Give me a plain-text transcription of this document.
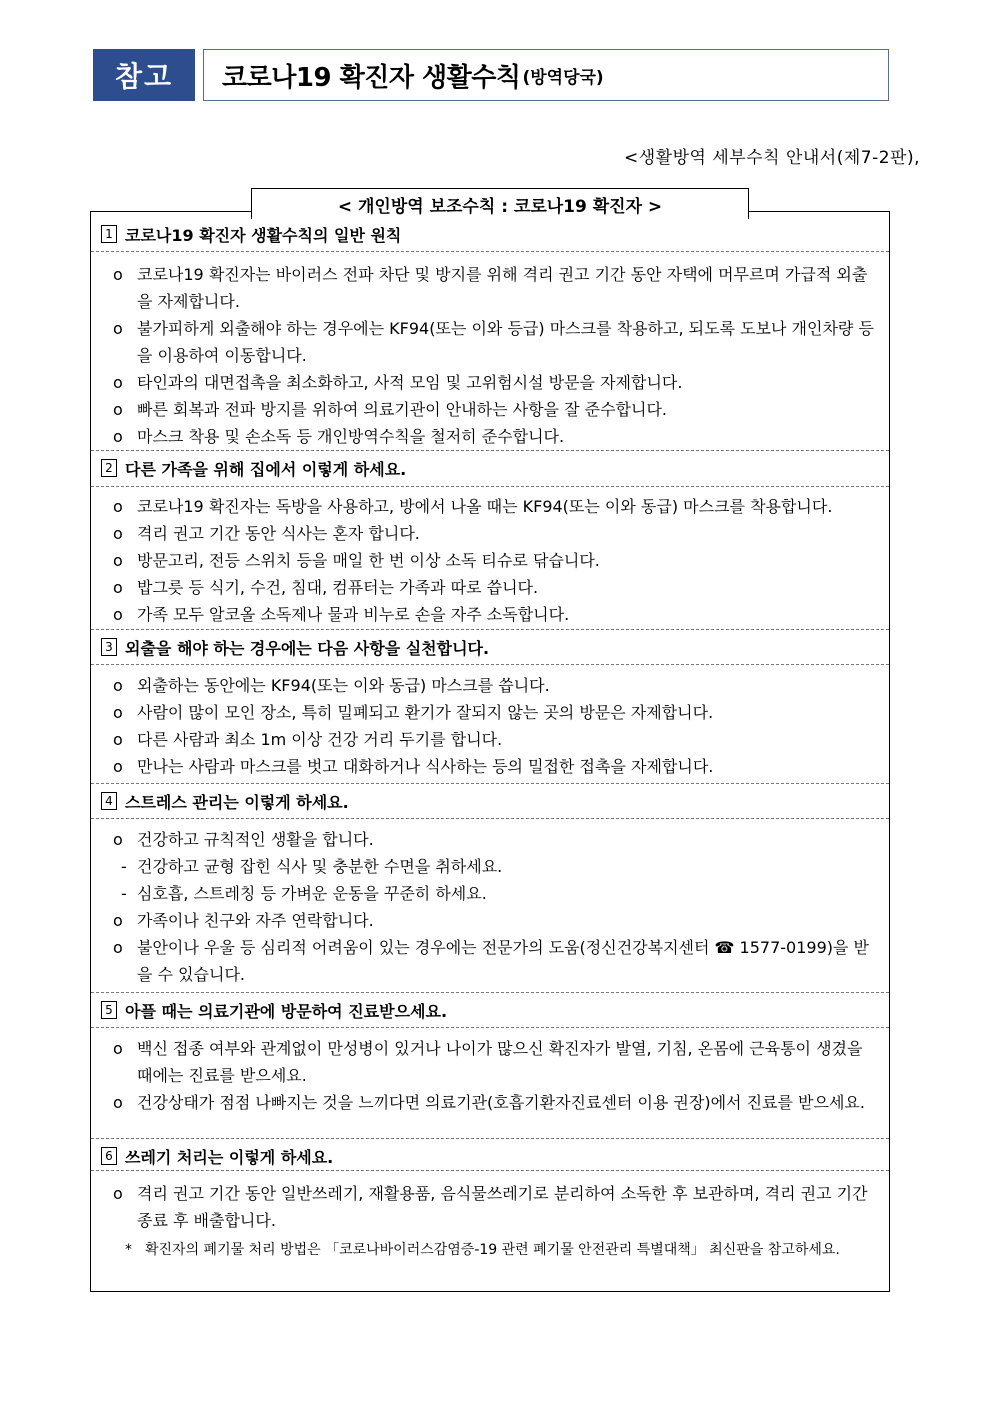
참고	코로나19 확진자 생활수칙 (방역당국)
<생활방역 세부수칙 안내서(제7-2판),
< 개인방역 보조수칙 : 코로나19 확진자 >
1 코로나19 확진자 생활수칙의 일반 원칙
o 코로나19 확진자는 바이러스 전파 차단 및 방지를 위해 격리 권고 기간 동안 자택에 머무르며 가급적 외출을 자제합니다.
o 불가피하게 외출해야 하는 경우에는 KF94(또는 이와 등급) 마스크를 착용하고, 되도록 도보나 개인차량 등을 이용하여 이동합니다.
o 타인과의 대면접촉을 최소화하고, 사적 모임 및 고위험시설 방문을 자제합니다.
o 빠른 회복과 전파 방지를 위하여 의료기관이 안내하는 사항을 잘 준수합니다.
o 마스크 착용 및 손소독 등 개인방역수칙을 철저히 준수합니다.
2 다른 가족을 위해 집에서 이렇게 하세요.
o 코로나19 확진자는 독방을 사용하고, 방에서 나올 때는 KF94(또는 이와 동급) 마스크를 착용합니다.
o 격리 권고 기간 동안 식사는 혼자 합니다.
o 방문고리, 전등 스위치 등을 매일 한 번 이상 소독 티슈로 닦습니다.
o 밥그릇 등 식기, 수건, 침대, 컴퓨터는 가족과 따로 씁니다.
o 가족 모두 알코올 소독제나 물과 비누로 손을 자주 소독합니다.
3 외출을 해야 하는 경우에는 다음 사항을 실천합니다.
o 외출하는 동안에는 KF94(또는 이와 동급) 마스크를 씁니다.
o 사람이 많이 모인 장소, 특히 밀폐되고 환기가 잘되지 않는 곳의 방문은 자제합니다.
o 다른 사람과 최소 1m 이상 건강 거리 두기를 합니다.
o 만나는 사람과 마스크를 벗고 대화하거나 식사하는 등의 밀접한 접촉을 자제합니다.
4 스트레스 관리는 이렇게 하세요.
o 건강하고 규칙적인 생활을 합니다.
- 건강하고 균형 잡힌 식사 및 충분한 수면을 취하세요.
- 심호흡, 스트레칭 등 가벼운 운동을 꾸준히 하세요.
o 가족이나 친구와 자주 연락합니다.
o 불안이나 우울 등 심리적 어려움이 있는 경우에는 전문가의 도움(정신건강복지센터 ☎ 1577-0199)을 받을 수 있습니다.
5 아플 때는 의료기관에 방문하여 진료받으세요.
o 백신 접종 여부와 관계없이 만성병이 있거나 나이가 많으신 확진자가 발열, 기침, 온몸에 근육통이 생겼을 때에는 진료를 받으세요.
o 건강상태가 점점 나빠지는 것을 느끼다면 의료기관(호흡기환자진료센터 이용 권장)에서 진료를 받으세요.
6 쓰레기 처리는 이렇게 하세요.
o 격리 권고 기간 동안 일반쓰레기, 재활용품, 음식물쓰레기로 분리하여 소독한 후 보관하며, 격리 권고 기간 종료 후 배출합니다.
* 확진자의 폐기물 처리 방법은 「코로나바이러스감염증-19 관련 폐기물 안전관리 특별대책」 최신판을 참고하세요.
